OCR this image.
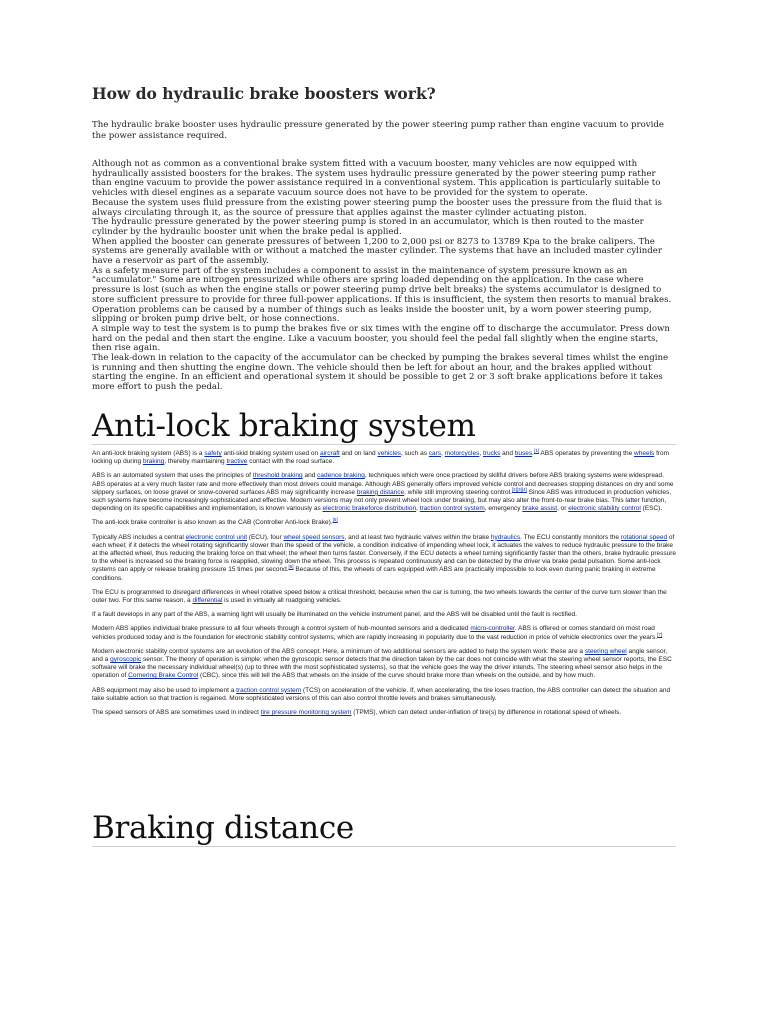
How do hydraulic brake boosters work?

The hydraulic brake booster uses hydraulic pressure generated by the power steering pump rather than engine vacuum to provide the power assistance required.

Although not as common as a conventional brake system fitted with a vacuum booster, many vehicles are now equipped with hydraulically assisted boosters for the brakes. The system uses hydraulic pressure generated by the power steering pump rather than engine vacuum to provide the power assistance required in a conventional system. This application is particularly suitable to vehicles with diesel engines as a separate vacuum source does not have to be provided for the system to operate.

Because the system uses fluid pressure from the existing power steering pump the booster uses the pressure from the fluid that is always circulating through it, as the source of pressure that applies against the master cylinder actuating piston.

The hydraulic pressure generated by the power steering pump is stored in an accumulator, which is then routed to the master cylinder by the hydraulic booster unit when the brake pedal is applied.

When applied the booster can generate pressures of between 1,200 to 2,000 psi or 8273 to 13789 Kpa to the brake calipers. The systems are generally available with or without a matched the master cylinder. The systems that have an included master cylinder have a reservoir as part of the assembly.

As a safety measure part of the system includes a component to assist in the maintenance of system pressure known as an "accumulator." Some are nitrogen pressurized while others are spring loaded depending on the application. In the case where pressure is lost (such as when the engine stalls or power steering pump drive belt breaks) the systems accumulator is designed to store sufficient pressure to provide for three full-power applications. If this is insufficient, the system then resorts to manual brakes.

Operation problems can be caused by a number of things such as leaks inside the booster unit, by a worn power steering pump, slipping or broken pump drive belt, or hose connections.

A simple way to test the system is to pump the brakes five or six times with the engine off to discharge the accumulator. Press down hard on the pedal and then start the engine. Like a vacuum booster, you should feel the pedal fall slightly when the engine starts, then rise again.

The leak-down in relation to the capacity of the accumulator can be checked by pumping the brakes several times whilst the engine is running and then shutting the engine down. The vehicle should then be left for about an hour, and the brakes applied without starting the engine. In an efficient and operational system it should be possible to get 2 or 3 soft brake applications before it takes more effort to push the pedal.

Anti-lock braking system

An anti-lock braking system (ABS) is a safety anti-skid braking system used on aircraft and on land vehicles, such as cars, motorcycles, trucks and buses.[1] ABS operates by preventing the wheels from locking up during braking, thereby maintaining tractive contact with the road surface.

ABS is an automated system that uses the principles of threshold braking and cadence braking, techniques which were once practiced by skillful drivers before ABS braking systems were widespread. ABS operates at a very much faster rate and more effectively than most drivers could manage. Although ABS generally offers improved vehicle control and decreases stopping distances on dry and some slippery surfaces, on loose gravel or snow-covered surfaces ABS may significantly increase braking distance, while still improving steering control.[2][3][4] Since ABS was introduced in production vehicles, such systems have become increasingly sophisticated and effective. Modern versions may not only prevent wheel lock under braking, but may also alter the front-to-rear brake bias. This latter function, depending on its specific capabilities and implementation, is known variously as electronic brakeforce distribution, traction control system, emergency brake assist, or electronic stability control (ESC).

The anti-lock brake controller is also known as the CAB (Controller Anti-lock Brake).[5]

Typically ABS includes a central electronic control unit (ECU), four wheel speed sensors, and at least two hydraulic valves within the brake hydraulics. The ECU constantly monitors the rotational speed of each wheel; if it detects the wheel rotating significantly slower than the speed of the vehicle, a condition indicative of impending wheel lock, it actuates the valves to reduce hydraulic pressure to the brake at the affected wheel, thus reducing the braking force on that wheel; the wheel then turns faster. Conversely, if the ECU detects a wheel turning significantly faster than the others, brake hydraulic pressure to the wheel is increased so the braking force is reapplied, slowing down the wheel. This process is repeated continuously and can be detected by the driver via brake pedal pulsation. Some anti-lock systems can apply or release braking pressure 15 times per second.[6] Because of this, the wheels of cars equipped with ABS are practically impossible to lock even during panic braking in extreme conditions.

The ECU is programmed to disregard differences in wheel rotative speed below a critical threshold, because when the car is turning, the two wheels towards the center of the curve turn slower than the outer two. For this same reason, a differential is used in virtually all roadgoing vehicles.

If a fault develops in any part of the ABS, a warning light will usually be illuminated on the vehicle instrument panel, and the ABS will be disabled until the fault is rectified.

Modern ABS applies individual brake pressure to all four wheels through a control system of hub-mounted sensors and a dedicated micro-controller. ABS is offered or comes standard on most road vehicles produced today and is the foundation for electronic stability control systems, which are rapidly increasing in popularity due to the vast reduction in price of vehicle electronics over the years.[7]

Modern electronic stability control systems are an evolution of the ABS concept. Here, a minimum of two additional sensors are added to help the system work: these are a steering wheel angle sensor, and a gyroscopic sensor. The theory of operation is simple: when the gyroscopic sensor detects that the direction taken by the car does not coincide with what the steering wheel sensor reports, the ESC software will brake the necessary individual wheel(s) (up to three with the most sophisticated systems), so that the vehicle goes the way the driver intends. The steering wheel sensor also helps in the operation of Cornering Brake Control (CBC), since this will tell the ABS that wheels on the inside of the curve should brake more than wheels on the outside, and by how much.

ABS equipment may also be used to implement a traction control system (TCS) on acceleration of the vehicle. If, when accelerating, the tire loses traction, the ABS controller can detect the situation and take suitable action so that traction is regained. More sophisticated versions of this can also control throttle levels and brakes simultaneously.

The speed sensors of ABS are sometimes used in indirect tire pressure monitoring system (TPMS), which can detect under-inflation of tire(s) by difference in rotational speed of wheels.

Braking distance
